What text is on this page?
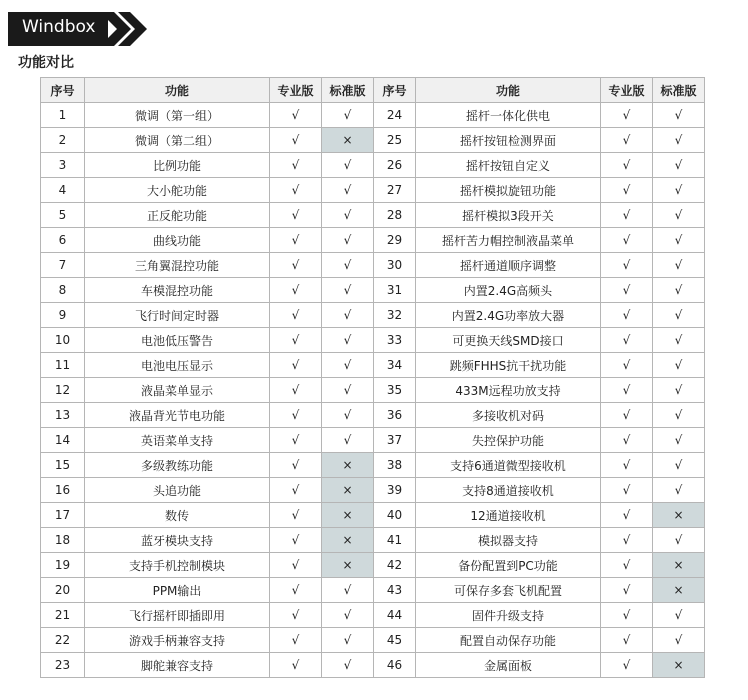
Windbox
功能对比
序号	功能	专业版	标准版	序号	功能	专业版	标准版
1	微调（第一组）	√	√	24	摇杆一体化供电	√	√
2	微调（第二组）	√	×	25	摇杆按钮检测界面	√	√
3	比例功能	√	√	26	摇杆按钮自定义	√	√
4	大小舵功能	√	√	27	摇杆模拟旋钮功能	√	√
5	正反舵功能	√	√	28	摇杆模拟3段开关	√	√
6	曲线功能	√	√	29	摇杆苦力帽控制液晶菜单	√	√
7	三角翼混控功能	√	√	30	摇杆通道顺序调整	√	√
8	车模混控功能	√	√	31	内置2.4G高频头	√	√
9	飞行时间定时器	√	√	32	内置2.4G功率放大器	√	√
10	电池低压警告	√	√	33	可更换天线SMD接口	√	√
11	电池电压显示	√	√	34	跳频FHHS抗干扰功能	√	√
12	液晶菜单显示	√	√	35	433M远程功放支持	√	√
13	液晶背光节电功能	√	√	36	多接收机对码	√	√
14	英语菜单支持	√	√	37	失控保护功能	√	√
15	多级教练功能	√	×	38	支持6通道微型接收机	√	√
16	头追功能	√	×	39	支持8通道接收机	√	√
17	数传	√	×	40	12通道接收机	√	×
18	蓝牙模块支持	√	×	41	模拟器支持	√	√
19	支持手机控制模块	√	×	42	备份配置到PC功能	√	×
20	PPM输出	√	√	43	可保存多套飞机配置	√	×
21	飞行摇杆即插即用	√	√	44	固件升级支持	√	√
22	游戏手柄兼容支持	√	√	45	配置自动保存功能	√	√
23	脚舵兼容支持	√	√	46	金属面板	√	×
